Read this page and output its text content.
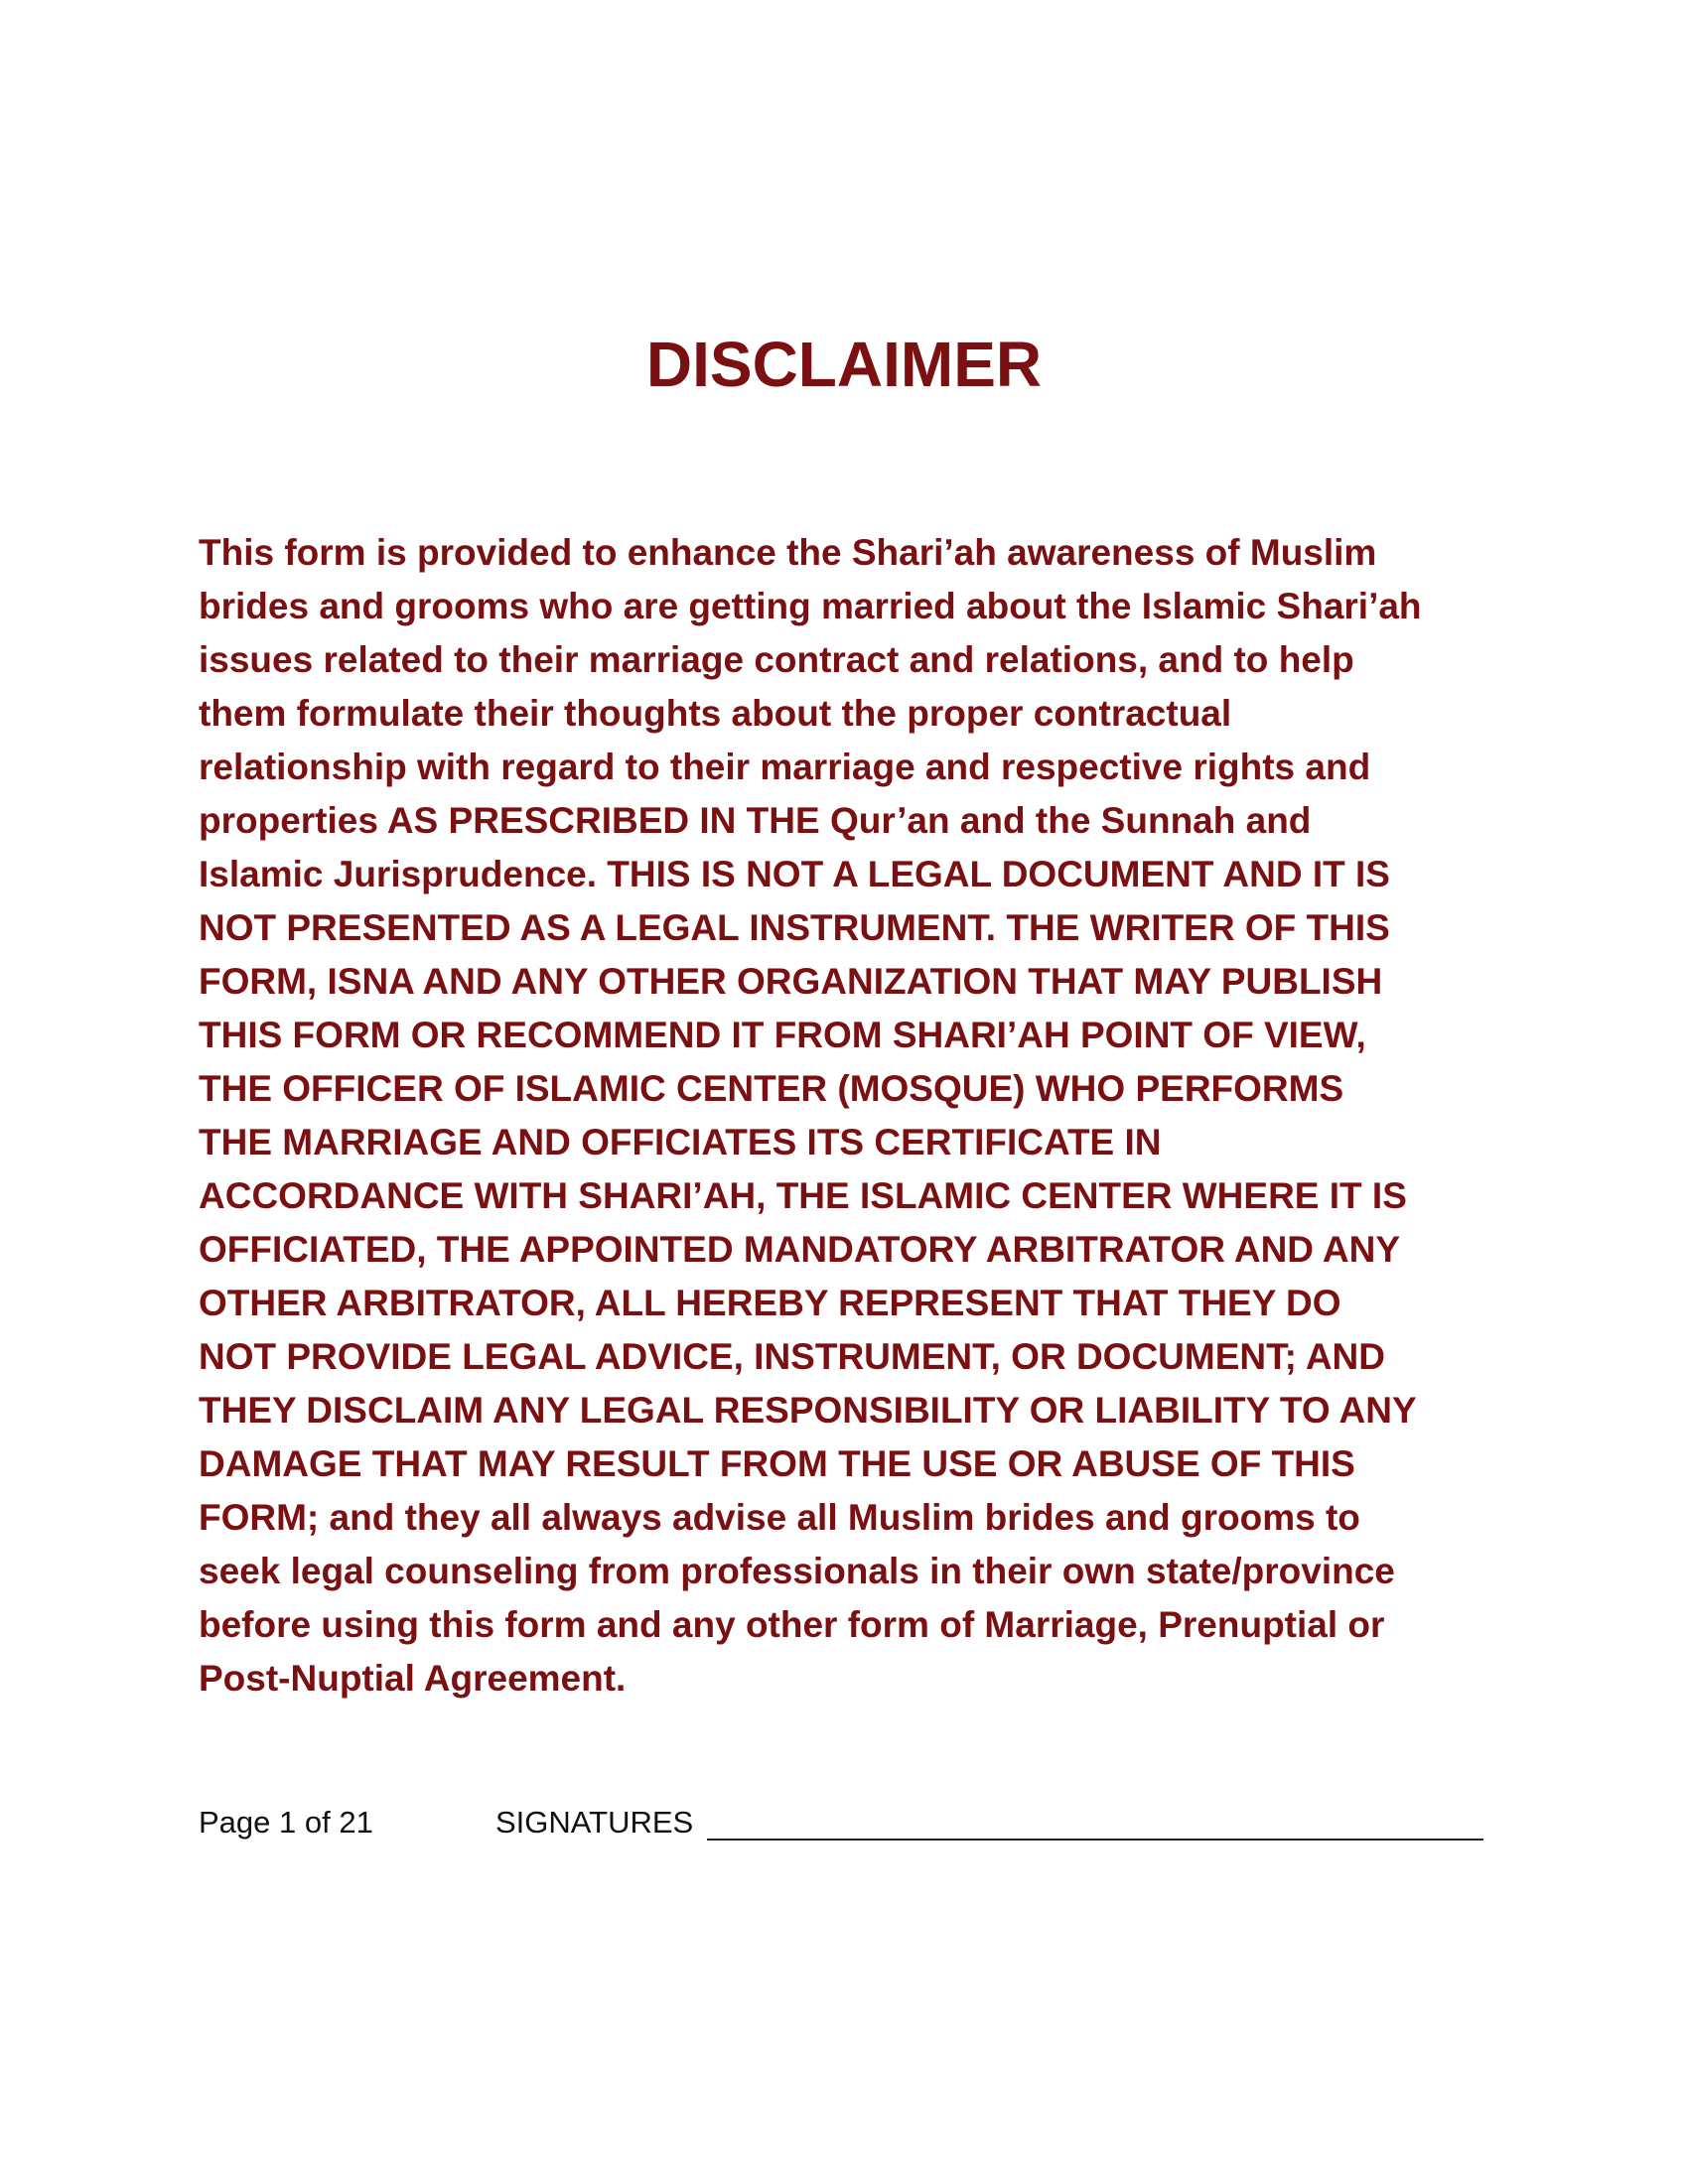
DISCLAIMER

This form is provided to enhance the Shari’ah awareness of Muslim
brides and grooms who are getting married about the Islamic Shari’ah
issues related to their marriage contract and relations, and to help
them formulate their thoughts about the proper contractual
relationship with regard to their marriage and respective rights and
properties AS PRESCRIBED IN THE Qur’an and the Sunnah and
Islamic Jurisprudence. THIS IS NOT A LEGAL DOCUMENT AND IT IS
NOT PRESENTED AS A LEGAL INSTRUMENT. THE WRITER OF THIS
FORM, ISNA AND ANY OTHER ORGANIZATION THAT MAY PUBLISH
THIS FORM OR RECOMMEND IT FROM SHARI’AH POINT OF VIEW,
THE OFFICER OF ISLAMIC CENTER (MOSQUE) WHO PERFORMS
THE MARRIAGE AND OFFICIATES ITS CERTIFICATE IN
ACCORDANCE WITH SHARI’AH, THE ISLAMIC CENTER WHERE IT IS
OFFICIATED, THE APPOINTED MANDATORY ARBITRATOR AND ANY
OTHER ARBITRATOR, ALL HEREBY REPRESENT THAT THEY DO
NOT PROVIDE LEGAL ADVICE, INSTRUMENT, OR DOCUMENT; AND
THEY DISCLAIM ANY LEGAL RESPONSIBILITY OR LIABILITY TO ANY
DAMAGE THAT MAY RESULT FROM THE USE OR ABUSE OF THIS
FORM; and they all always advise all Muslim brides and grooms to
seek legal counseling from professionals in their own state/province
before using this form and any other form of Marriage, Prenuptial or
Post-Nuptial Agreement.

Page 1 of 21	SIGNATURES
